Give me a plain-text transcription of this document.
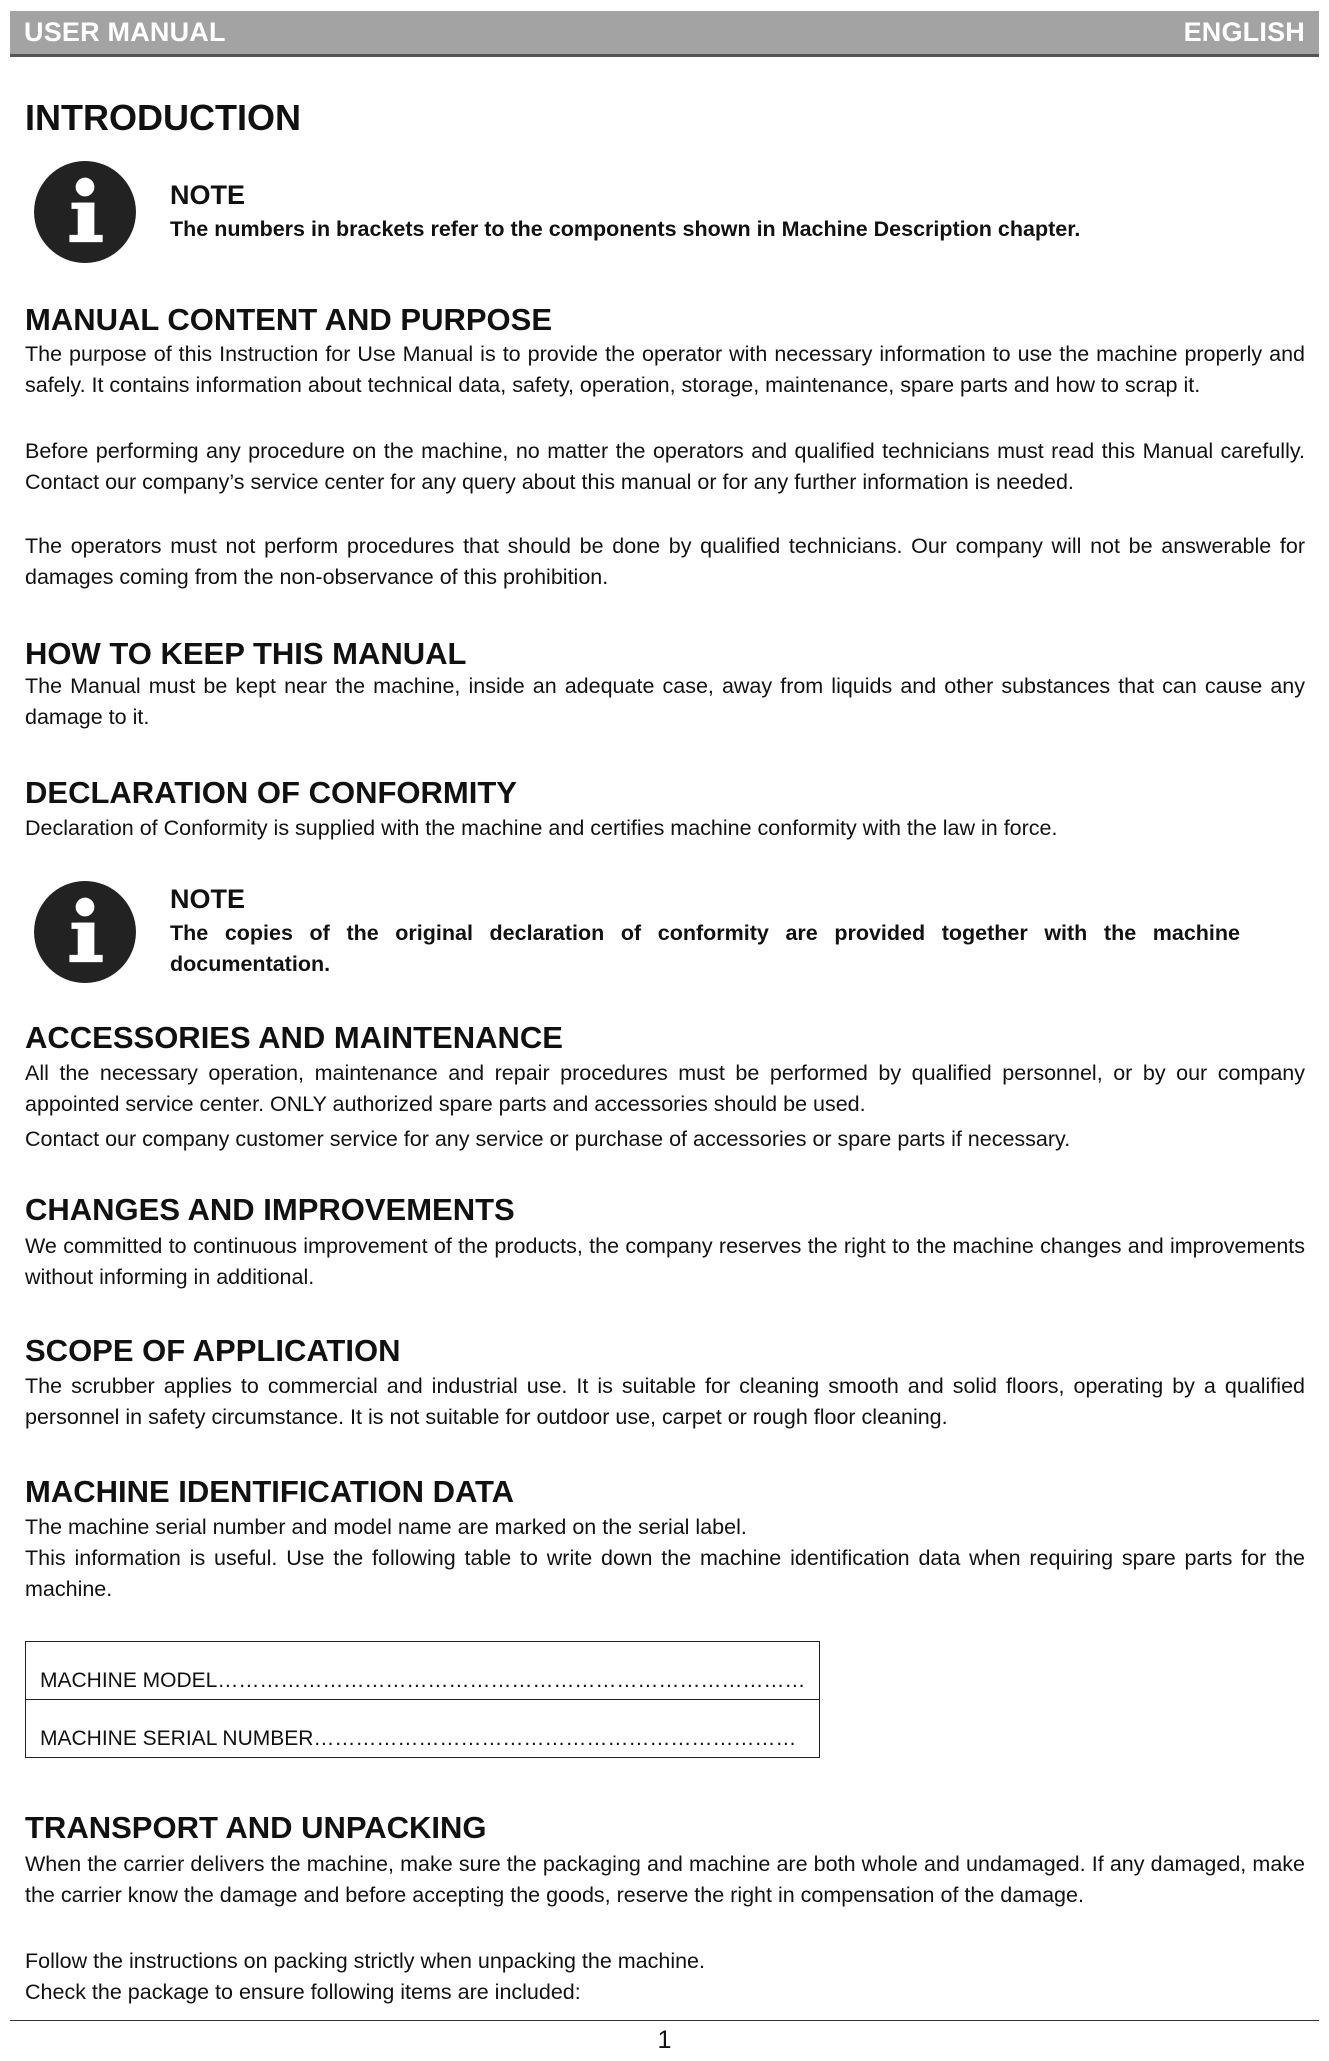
USER MANUAL	ENGLISH
INTRODUCTION
NOTE
The numbers in brackets refer to the components shown in Machine Description chapter.
MANUAL CONTENT AND PURPOSE

The purpose of this Instruction for Use Manual is to provide the operator with necessary information to use the machine properly and safely. It contains information about technical data, safety, operation, storage, maintenance, spare parts and how to scrap it.

Before performing any procedure on the machine, no matter the operators and qualified technicians must read this Manual carefully. Contact our company’s service center for any query about this manual or for any further information is needed.

The operators must not perform procedures that should be done by qualified technicians. Our company will not be answerable for damages coming from the non-observance of this prohibition.

HOW TO KEEP THIS MANUAL

The Manual must be kept near the machine, inside an adequate case, away from liquids and other substances that can cause any damage to it.

DECLARATION OF CONFORMITY

Declaration of Conformity is supplied with the machine and certifies machine conformity with the law in force.

NOTE
The copies of the original declaration of conformity are provided together with the machine documentation.
ACCESSORIES AND MAINTENANCE

All the necessary operation, maintenance and repair procedures must be performed by qualified personnel, or by our company appointed service center. ONLY authorized spare parts and accessories should be used.

Contact our company customer service for any service or purchase of accessories or spare parts if necessary.

CHANGES AND IMPROVEMENTS

We committed to continuous improvement of the products, the company reserves the right to the machine changes and improvements without informing in additional.

SCOPE OF APPLICATION

The scrubber applies to commercial and industrial use. It is suitable for cleaning smooth and solid floors, operating by a qualified personnel in safety circumstance. It is not suitable for outdoor use, carpet or rough floor cleaning.

MACHINE IDENTIFICATION DATA

The machine serial number and model name are marked on the serial label.

This information is useful. Use the following table to write down the machine identification data when requiring spare parts for the machine.

MACHINE MODEL…………………………………………………………………………
MACHINE SERIAL NUMBER……………………………………………………………
TRANSPORT AND UNPACKING

When the carrier delivers the machine, make sure the packaging and machine are both whole and undamaged. If any damaged, make the carrier know the damage and before accepting the goods, reserve the right in compensation of the damage.

Follow the instructions on packing strictly when unpacking the machine.

Check the package to ensure following items are included:

1
